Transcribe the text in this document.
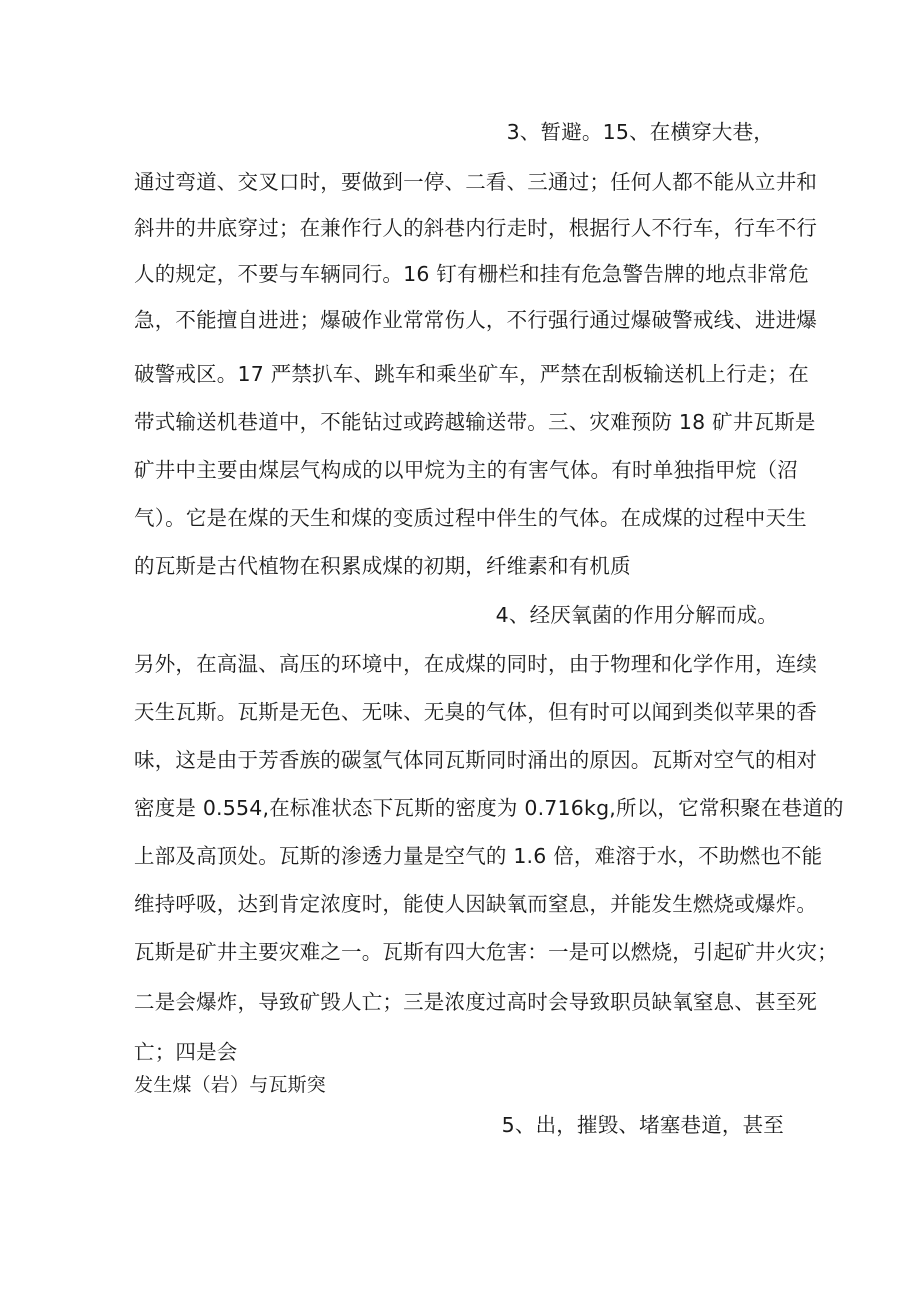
3、暂避。15、在横穿大巷，
通过弯道、交叉口时，要做到一停、二看、三通过；任何人都不能从立井和
斜井的井底穿过；在兼作行人的斜巷内行走时，根据行人不行车，行车不行
人的规定，不要与车辆同行。16 钉有栅栏和挂有危急警告牌的地点非常危
急，不能擅自进进；爆破作业常常伤人，不行强行通过爆破警戒线、进进爆
破警戒区。17 严禁扒车、跳车和乘坐矿车，严禁在刮板输送机上行走；在
带式输送机巷道中，不能钻过或跨越输送带。三、灾难预防 18 矿井瓦斯是
矿井中主要由煤层气构成的以甲烷为主的有害气体。有时单独指甲烷（沼
气）。它是在煤的天生和煤的变质过程中伴生的气体。在成煤的过程中天生
的瓦斯是古代植物在积累成煤的初期，纤维素和有机质
4、经厌氧菌的作用分解而成。
另外，在高温、高压的环境中，在成煤的同时，由于物理和化学作用，连续
天生瓦斯。瓦斯是无色、无味、无臭的气体，但有时可以闻到类似苹果的香
味，这是由于芳香族的碳氢气体同瓦斯同时涌出的原因。瓦斯对空气的相对
密度是 0.554,在标准状态下瓦斯的密度为 0.716kg,所以，它常积聚在巷道的
上部及高顶处。瓦斯的渗透力量是空气的 1.6 倍，难溶于水，不助燃也不能
维持呼吸，达到肯定浓度时，能使人因缺氧而窒息，并能发生燃烧或爆炸。
瓦斯是矿井主要灾难之一。瓦斯有四大危害：一是可以燃烧，引起矿井火灾；
二是会爆炸，导致矿毁人亡；三是浓度过高时会导致职员缺氧窒息、甚至死
亡；四是会
发生煤（岩）与瓦斯突
5、出，摧毁、堵塞巷道，甚至
